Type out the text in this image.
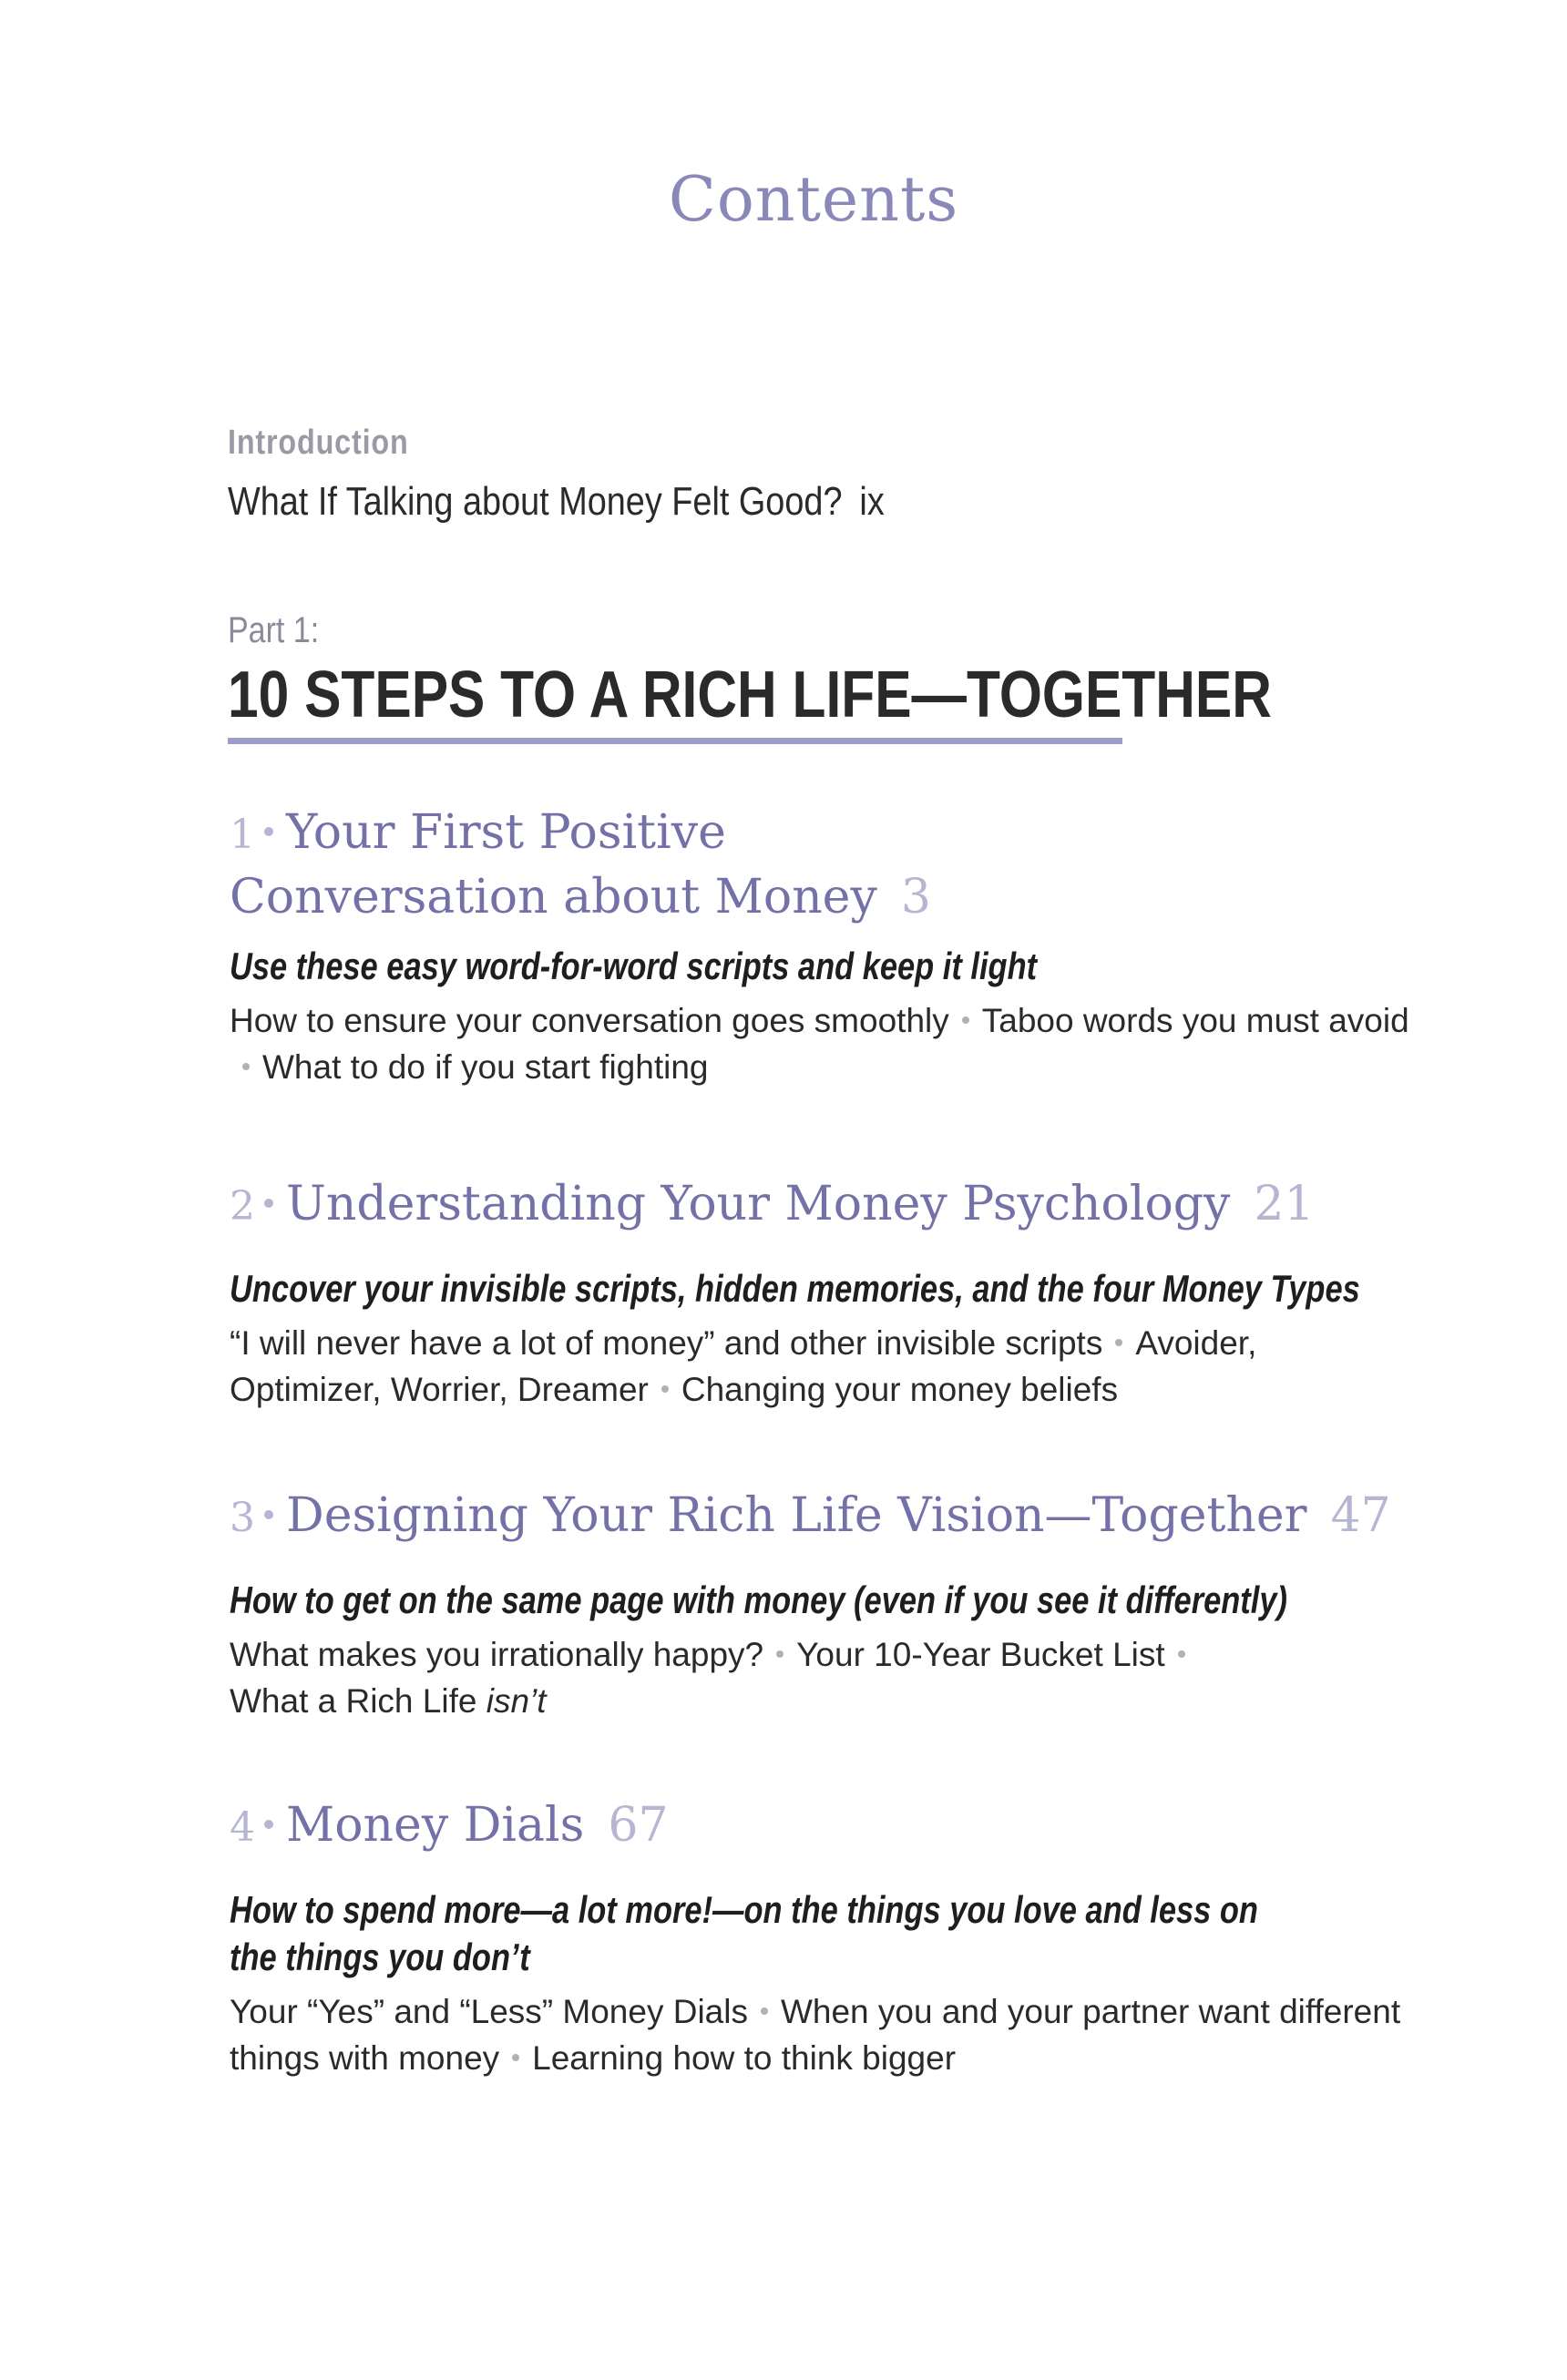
Contents
Introduction
What If Talking about Money Felt Good? ix
Part 1:
10 STEPS TO A RICH LIFE—TOGETHER
1 Your First Positive
Conversation about Money 3
Use these easy word-for-word scripts and keep it light
How to ensure your conversation goes smoothly Taboo words you must avoidWhat to do if you start fighting
2 Understanding Your Money Psychology 21
Uncover your invisible scripts, hidden memories, and the four Money Types
“I will never have a lot of money” and other invisible scripts Avoider, Optimizer, Worrier, Dreamer Changing your money beliefs
3 Designing Your Rich Life Vision—Together 47
How to get on the same page with money (even if you see it differently)
What makes you irrationally happy? Your 10-Year Bucket List
What a Rich Life isn’t
4 Money Dials 67
How to spend more—a lot more!—on the things you love and less on
the things you don’t
Your “Yes” and “Less” Money Dials When you and your partner want different things with money Learning how to think bigger
